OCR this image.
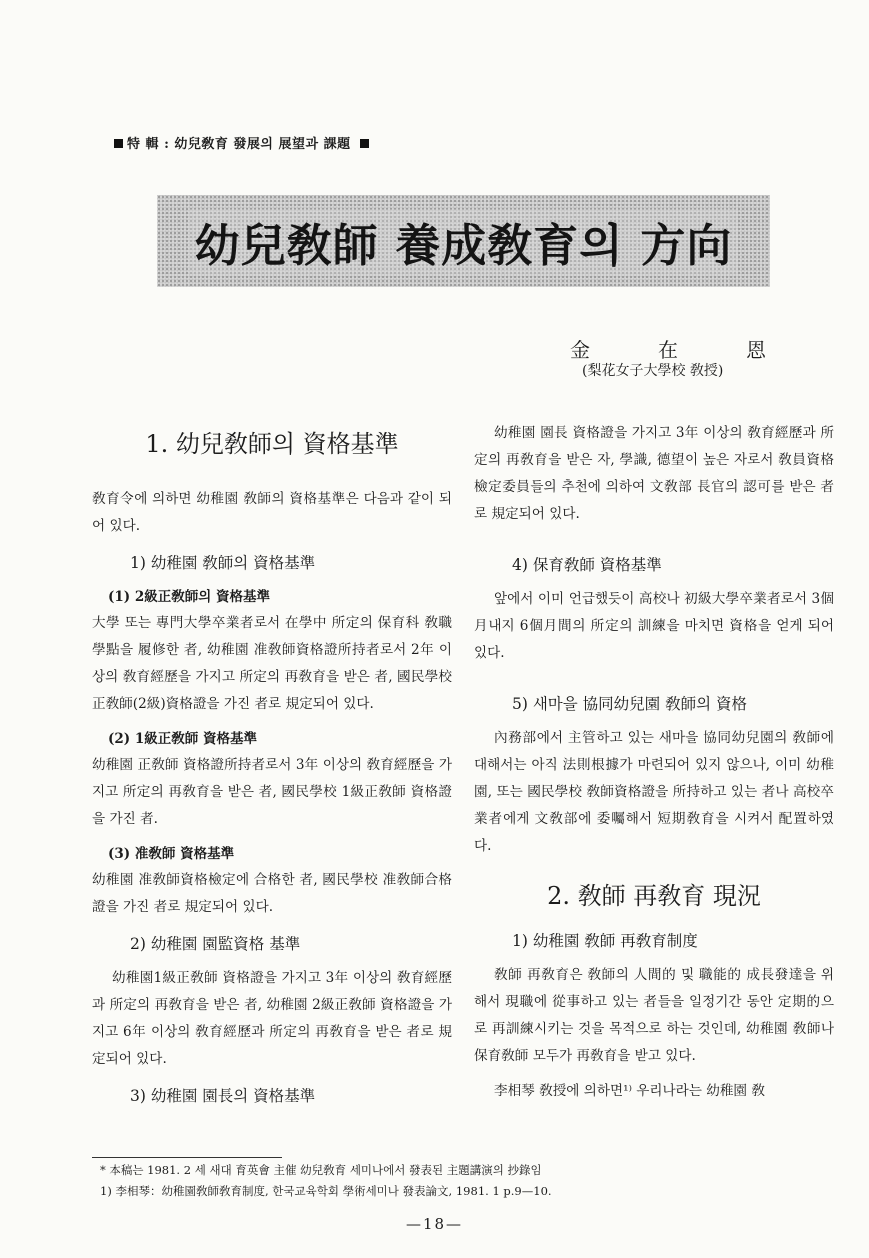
特 輯 : 幼兒敎育 發展의 展望과 課題
幼兒敎師 養成敎育의 方向
金	在	恩
(梨花女子大學校 敎授)
1. 幼兒敎師의 資格基準

敎育令에 의하면 幼稚園 敎師의 資格基準은 다음과 같이 되어 있다.

1) 幼稚園 敎師의 資格基準
(1) 2級正敎師의 資格基準

大學 또는 專門大學卒業者로서 在學中 所定의 保育科 敎職學點을 履修한 者, 幼稚園 准敎師資格證所持者로서 2年 이상의 敎育經歷을 가지고 所定의 再敎育을 받은 者, 國民學校 正敎師(2級)資格證을 가진 者로 規定되어 있다.

(2) 1級正敎師 資格基準

幼稚園 正敎師 資格證所持者로서 3年 이상의 敎育經歷을 가지고 所定의 再敎育을 받은 者, 國民學校 1級正敎師 資格證을 가진 者.

(3) 准敎師 資格基準

幼稚園 准敎師資格檢定에 合格한 者, 國民學校 准敎師合格證을 가진 者로 規定되어 있다.

2) 幼稚園 園監資格 基準

幼稚園1級正敎師 資格證을 가지고 3年 이상의 敎育經歷과 所定의 再敎育을 받은 者, 幼稚園 2級正敎師 資格證을 가지고 6年 이상의 敎育經歷과 所定의 再敎育을 받은 者로 規定되어 있다.

3) 幼稚園 園長의 資格基準

幼稚園 園長 資格證을 가지고 3年 이상의 敎育經歷과 所定의 再敎育을 받은 자, 學識, 德望이 높은 자로서 敎員資格檢定委員들의 추천에 의하여 文敎部 長官의 認可를 받은 者로 規定되어 있다.

4) 保育敎師 資格基準

앞에서 이미 언급했듯이 高校나 初級大學卒業者로서 3個月내지 6個月間의 所定의 訓練을 마치면 資格을 얻게 되어 있다.

5) 새마을 協同幼兒園 敎師의 資格

內務部에서 主管하고 있는 새마을 協同幼兒園의 敎師에 대해서는 아직 法則根據가 마련되어 있지 않으나, 이미 幼稚園, 또는 國民學校 敎師資格證을 所持하고 있는 者나 高校卒業者에게 文敎部에 委囑해서 短期敎育을 시켜서 配置하였다.

2. 敎師 再敎育 現況
1) 幼稚園 敎師 再敎育制度

敎師 再敎育은 敎師의 人間的 및 職能的 成長發達을 위해서 現職에 從事하고 있는 者들을 일정기간 동안 定期的으로 再訓練시키는 것을 목적으로 하는 것인데, 幼稚園 敎師나 保育敎師 모두가 再敎育을 받고 있다.

李相琴 敎授에 의하면¹⁾ 우리나라는 幼稚園 敎

* 本稿는 1981. 2 세 새대 育英會 主催 幼兒敎育 세미나에서 發表된 主題講演의 抄錄임
1) 李相琴：幼稚園敎師敎育制度, 한국교육학회 學術세미나 發表論文, 1981. 1 p.9—10.
—18—
